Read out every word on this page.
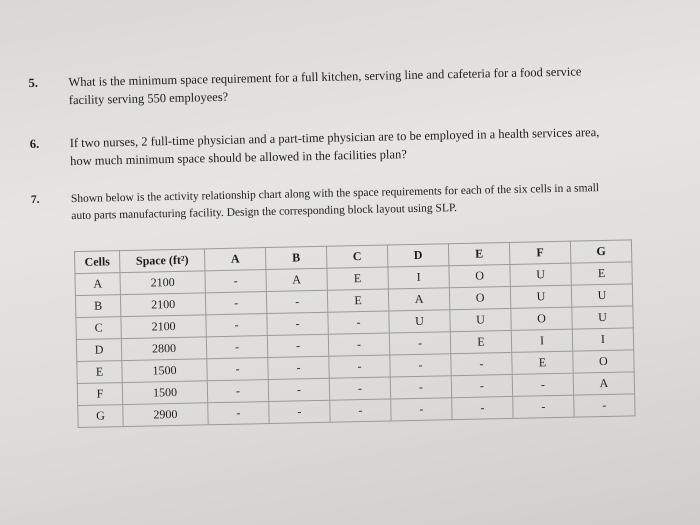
5. What is the minimum space requirement for a full kitchen, serving line and cafeteria for a food service facility serving 550 employees?
6. If two nurses, 2 full-time physician and a part-time physician are to be employed in a health services area, how much minimum space should be allowed in the facilities plan?
7.	Shown below is the activity relationship chart along with the space requirements for each of the six cells in a small auto parts manufacturing facility. Design the corresponding block layout using SLP.
Cells	Space (ft²)	A	B	C	D	E	F	G
A	2100	-	A	E	I	O	U	E
B	2100	-	-	E	A	O	U	U
C	2100	-	-	-	U	U	O	U
D	2800	-	-	-	-	E	I	I
E	1500	-	-	-	-	-	E	O
F	1500	-	-	-	-	-	-	A
G	2900	-	-	-	-	-	-	-
